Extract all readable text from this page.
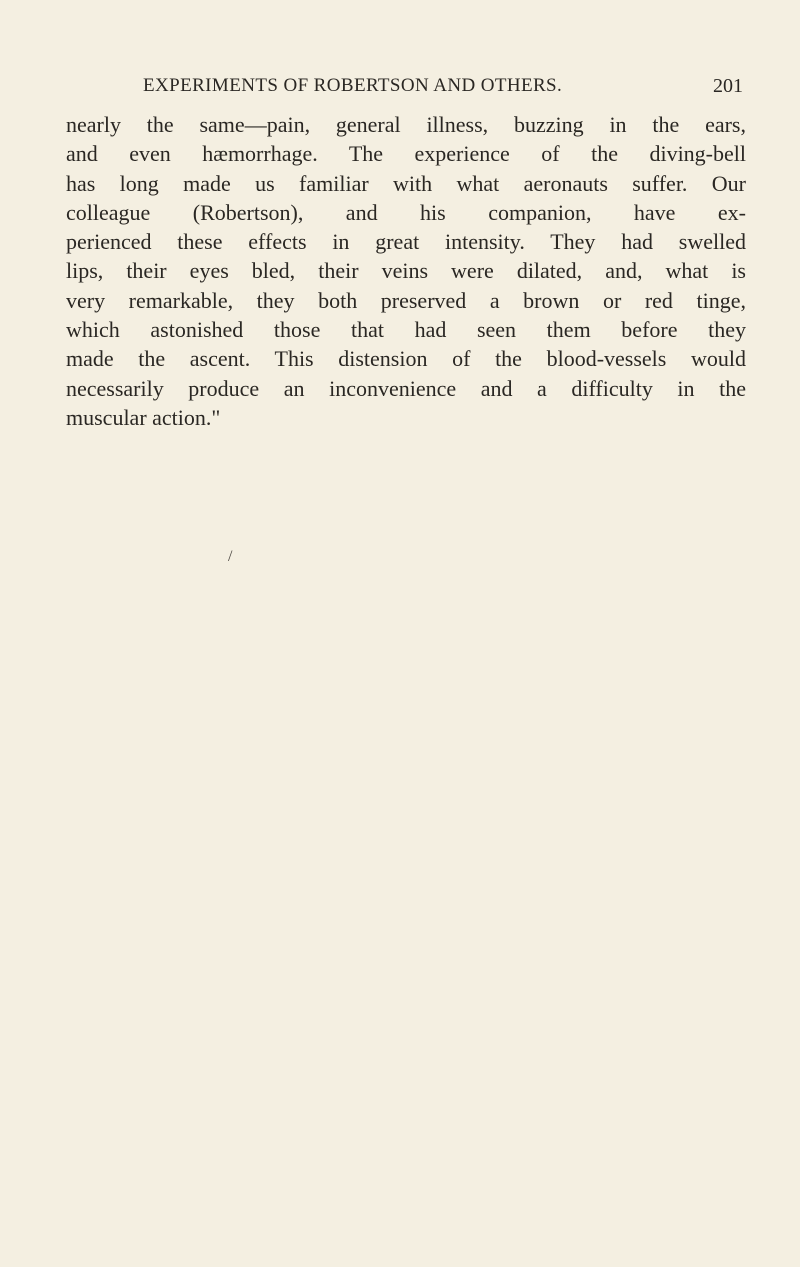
EXPERIMENTS OF ROBERTSON AND OTHERS.	201
nearly the same—pain, general illness, buzzing in the ears,
and even hæmorrhage. The experience of the diving-bell
has long made us familiar with what aeronauts suffer. Our
colleague (Robertson), and his companion, have ex-
perienced these effects in great intensity. They had swelled
lips, their eyes bled, their veins were dilated, and, what is
very remarkable, they both preserved a brown or red tinge,
which astonished those that had seen them before they
made the ascent. This distension of the blood-vessels would
necessarily produce an inconvenience and a difficulty in the
muscular action."
/
